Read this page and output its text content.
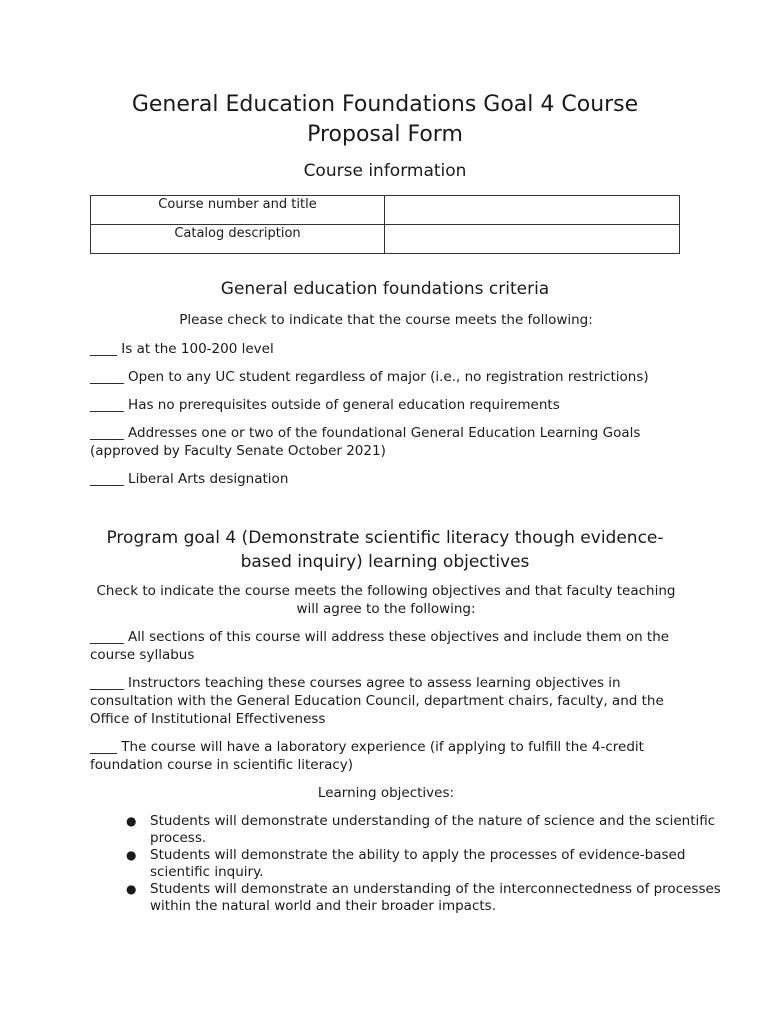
General Education Foundations Goal 4 Course Proposal Form
Course information
Course number and title	
Catalog description	
General education foundations criteria

Please check to indicate that the course meets the following:

____ Is at the 100-200 level

_____ Open to any UC student regardless of major (i.e., no registration restrictions)

_____ Has no prerequisites outside of general education requirements

_____ Addresses one or two of the foundational General Education Learning Goals (approved by Faculty Senate October 2021)

_____ Liberal Arts designation

Program goal 4 (Demonstrate scientific literacy though evidence-based inquiry) learning objectives

Check to indicate the course meets the following objectives and that faculty teaching will agree to the following:

_____ All sections of this course will address these objectives and include them on the course syllabus

_____ Instructors teaching these courses agree to assess learning objectives in consultation with the General Education Council, department chairs, faculty, and the Office of Institutional Effectiveness

____ The course will have a laboratory experience (if applying to fulfill the 4-credit foundation course in scientific literacy)

Learning objectives:

● Students will demonstrate understanding of the nature of science and the scientific process.
● Students will demonstrate the ability to apply the processes of evidence-based scientific inquiry.
● Students will demonstrate an understanding of the interconnectedness of processes within the natural world and their broader impacts.
